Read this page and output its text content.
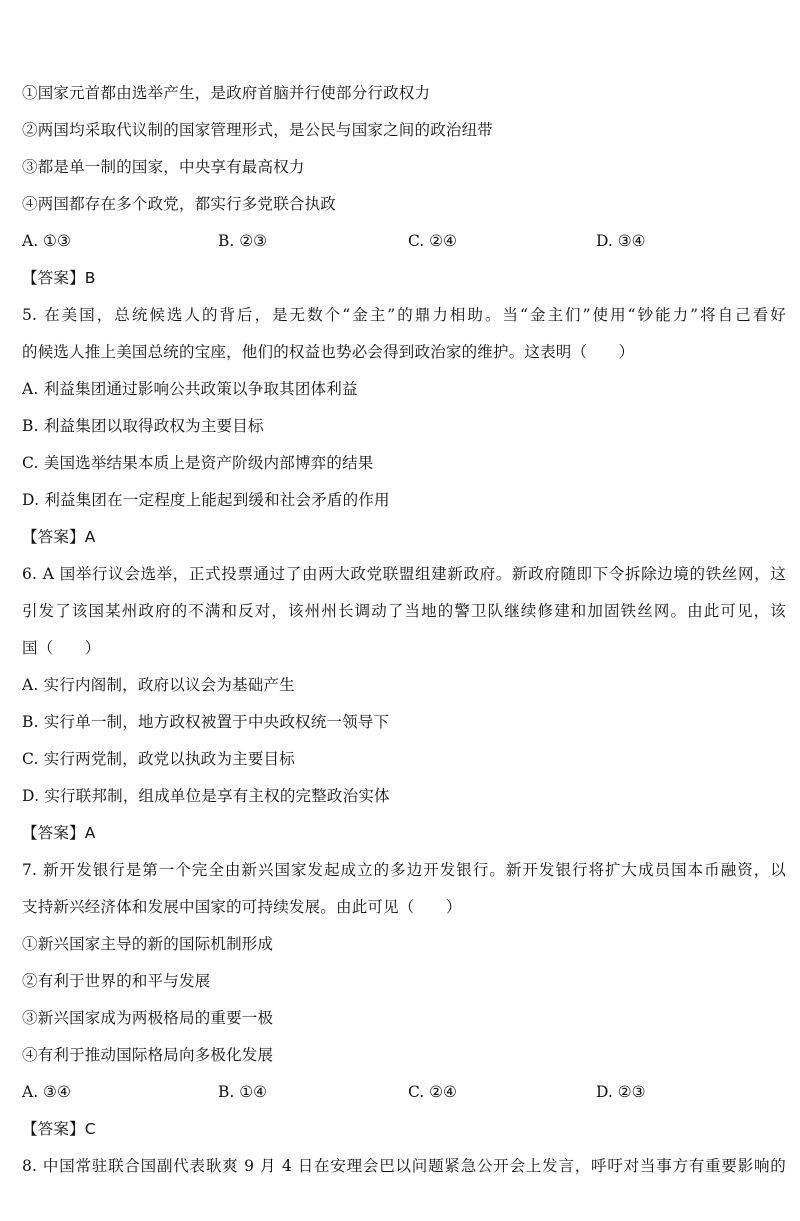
①国家元首都由选举产生，是政府首脑并行使部分行政权力
②两国均采取代议制的国家管理形式，是公民与国家之间的政治纽带
③都是单一制的国家，中央享有最高权力
④两国都存在多个政党，都实行多党联合执政
A. ①③	B. ②③	C. ②④	D. ③④
【答案】B
5. 在美国，总统候选人的背后，是无数个“金主”的鼎力相助。当“金主们”使用“钞能力”将自己看好
的候选人推上美国总统的宝座，他们的权益也势必会得到政治家的维护。这表明（　　）
A. 利益集团通过影响公共政策以争取其团体利益
B. 利益集团以取得政权为主要目标
C. 美国选举结果本质上是资产阶级内部博弈的结果
D. 利益集团在一定程度上能起到缓和社会矛盾的作用
【答案】A
6. A 国举行议会选举，正式投票通过了由两大政党联盟组建新政府。新政府随即下令拆除边境的铁丝网，这
引发了该国某州政府的不满和反对，该州州长调动了当地的警卫队继续修建和加固铁丝网。由此可见，该
国（　　）
A. 实行内阁制，政府以议会为基础产生
B. 实行单一制，地方政权被置于中央政权统一领导下
C. 实行两党制，政党以执政为主要目标
D. 实行联邦制，组成单位是享有主权的完整政治实体
【答案】A
7. 新开发银行是第一个完全由新兴国家发起成立的多边开发银行。新开发银行将扩大成员国本币融资，以
支持新兴经济体和发展中国家的可持续发展。由此可见（　　）
①新兴国家主导的新的国际机制形成
②有利于世界的和平与发展
③新兴国家成为两极格局的重要一极
④有利于推动国际格局向多极化发展
A. ③④	B. ①④	C. ②④	D. ②③
【答案】C
8. 中国常驻联合国副代表耿爽 9 月 4 日在安理会巴以问题紧急公开会上发言，呼吁对当事方有重要影响的
